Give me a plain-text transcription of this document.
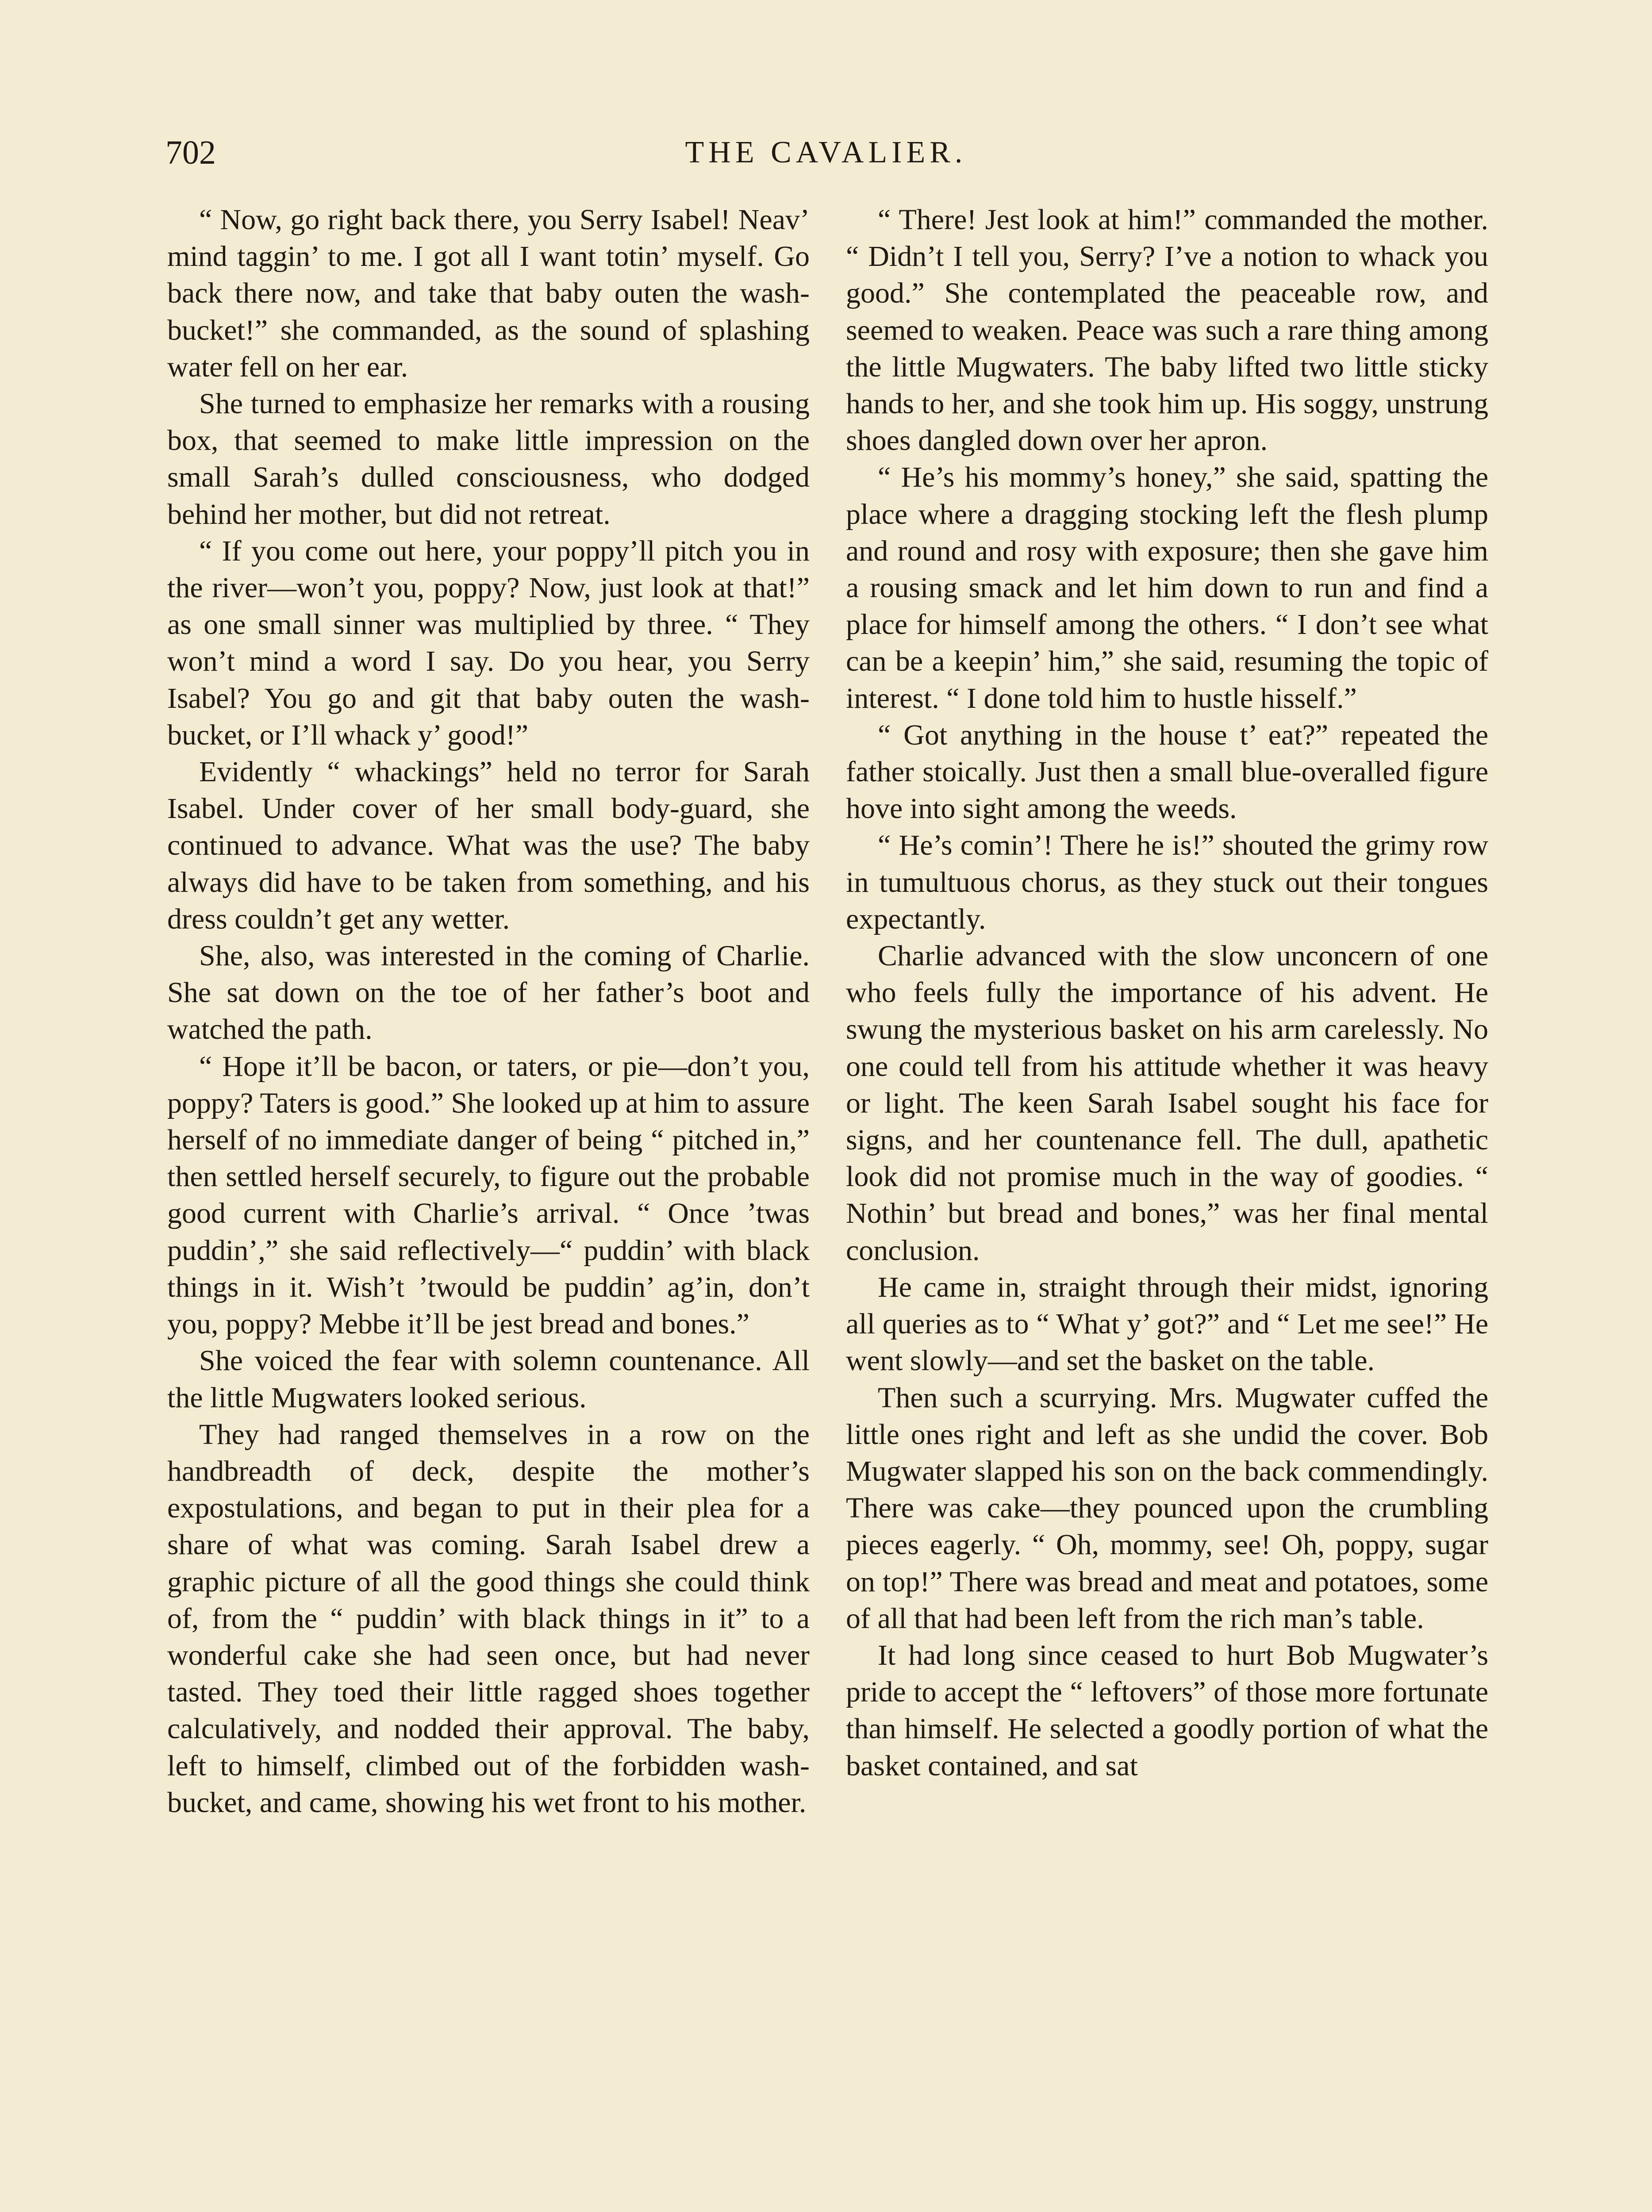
702	THE CAVALIER.

“ Now, go right back there, you Serry Isabel! Neav’ mind taggin’ to me. I got all I want totin’ myself. Go back there now, and take that baby outen the wash-bucket!” she commanded, as the sound of splashing water fell on her ear.

She turned to emphasize her remarks with a rousing box, that seemed to make little impression on the small Sarah’s dulled consciousness, who dodged behind her mother, but did not retreat.

“ If you come out here, your poppy’ll pitch you in the river—won’t you, poppy? Now, just look at that!” as one small sinner was multiplied by three. “ They won’t mind a word I say. Do you hear, you Serry Isabel? You go and git that baby outen the wash-bucket, or I’ll whack y’ good!”

Evidently “ whackings” held no terror for Sarah Isabel. Under cover of her small body-guard, she continued to advance. What was the use? The baby always did have to be taken from something, and his dress couldn’t get any wetter.

She, also, was interested in the coming of Charlie. She sat down on the toe of her father’s boot and watched the path.

“ Hope it’ll be bacon, or taters, or pie—don’t you, poppy? Taters is good.” She looked up at him to assure herself of no immediate danger of being “ pitched in,” then settled herself securely, to figure out the probable good current with Charlie’s arrival. “ Once ’twas puddin’,” she said reflectively—“ puddin’ with black things in it. Wish’t ’twould be puddin’ ag’in, don’t you, poppy? Mebbe it’ll be jest bread and bones.”

She voiced the fear with solemn countenance. All the little Mugwaters looked serious.

They had ranged themselves in a row on the handbreadth of deck, despite the mother’s expostulations, and began to put in their plea for a share of what was coming. Sarah Isabel drew a graphic picture of all the good things she could think of, from the “ puddin’ with black things in it” to a wonderful cake she had seen once, but had never tasted. They toed their little ragged shoes together calculatively, and nodded their approval. The baby, left to himself, climbed out of the forbidden wash-bucket, and came, showing his wet front to his mother.

“ There! Jest look at him!” commanded the mother. “ Didn’t I tell you, Serry? I’ve a notion to whack you good.” She contemplated the peaceable row, and seemed to weaken. Peace was such a rare thing among the little Mugwaters. The baby lifted two little sticky hands to her, and she took him up. His soggy, unstrung shoes dangled down over her apron.

“ He’s his mommy’s honey,” she said, spatting the place where a dragging stocking left the flesh plump and round and rosy with exposure; then she gave him a rousing smack and let him down to run and find a place for himself among the others. “ I don’t see what can be a keepin’ him,” she said, resuming the topic of interest. “ I done told him to hustle hisself.”

“ Got anything in the house t’ eat?” repeated the father stoically. Just then a small blue-overalled figure hove into sight among the weeds.

“ He’s comin’! There he is!” shouted the grimy row in tumultuous chorus, as they stuck out their tongues expectantly.

Charlie advanced with the slow unconcern of one who feels fully the importance of his advent. He swung the mysterious basket on his arm carelessly. No one could tell from his attitude whether it was heavy or light. The keen Sarah Isabel sought his face for signs, and her countenance fell. The dull, apathetic look did not promise much in the way of goodies. “ Nothin’ but bread and bones,” was her final mental conclusion.

He came in, straight through their midst, ignoring all queries as to “ What y’ got?” and “ Let me see!” He went slowly—and set the basket on the table.

Then such a scurrying. Mrs. Mugwater cuffed the little ones right and left as she undid the cover. Bob Mugwater slapped his son on the back commendingly. There was cake—they pounced upon the crumbling pieces eagerly. “ Oh, mommy, see! Oh, poppy, sugar on top!” There was bread and meat and potatoes, some of all that had been left from the rich man’s table.

It had long since ceased to hurt Bob Mugwater’s pride to accept the “ leftovers” of those more fortunate than himself. He selected a goodly portion of what the basket contained, and sat
